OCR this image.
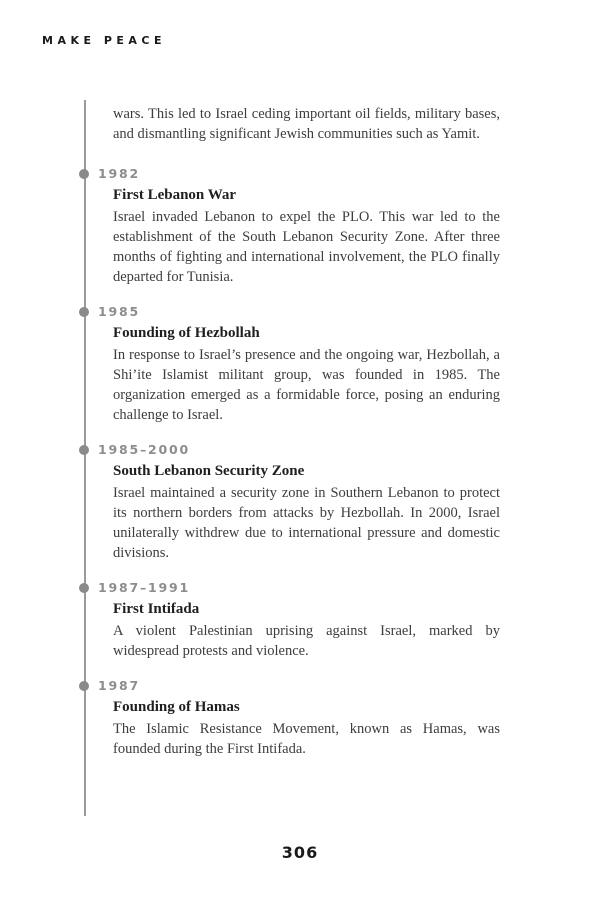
MAKE PEACE

wars. This led to Israel ceding important oil fields, military bases, and dismantling significant Jewish communities such as Yamit.

1982
First Lebanon War

Israel invaded Lebanon to expel the PLO. This war led to the establishment of the South Lebanon Security Zone. After three months of fighting and international involvement, the PLO finally departed for Tunisia.

1985
Founding of Hezbollah

In response to Israel’s presence and the ongoing war, Hezbollah, a Shi’ite Islamist militant group, was founded in 1985. The organization emerged as a formidable force, posing an enduring challenge to Israel.

1985–2000
South Lebanon Security Zone

Israel maintained a security zone in Southern Lebanon to protect its northern borders from attacks by Hezbollah. In 2000, Israel unilaterally withdrew due to international pressure and domestic divisions.

1987–1991
First Intifada

A violent Palestinian uprising against Israel, marked by widespread protests and violence.

1987
Founding of Hamas

The Islamic Resistance Movement, known as Hamas, was founded during the First Intifada.

306
